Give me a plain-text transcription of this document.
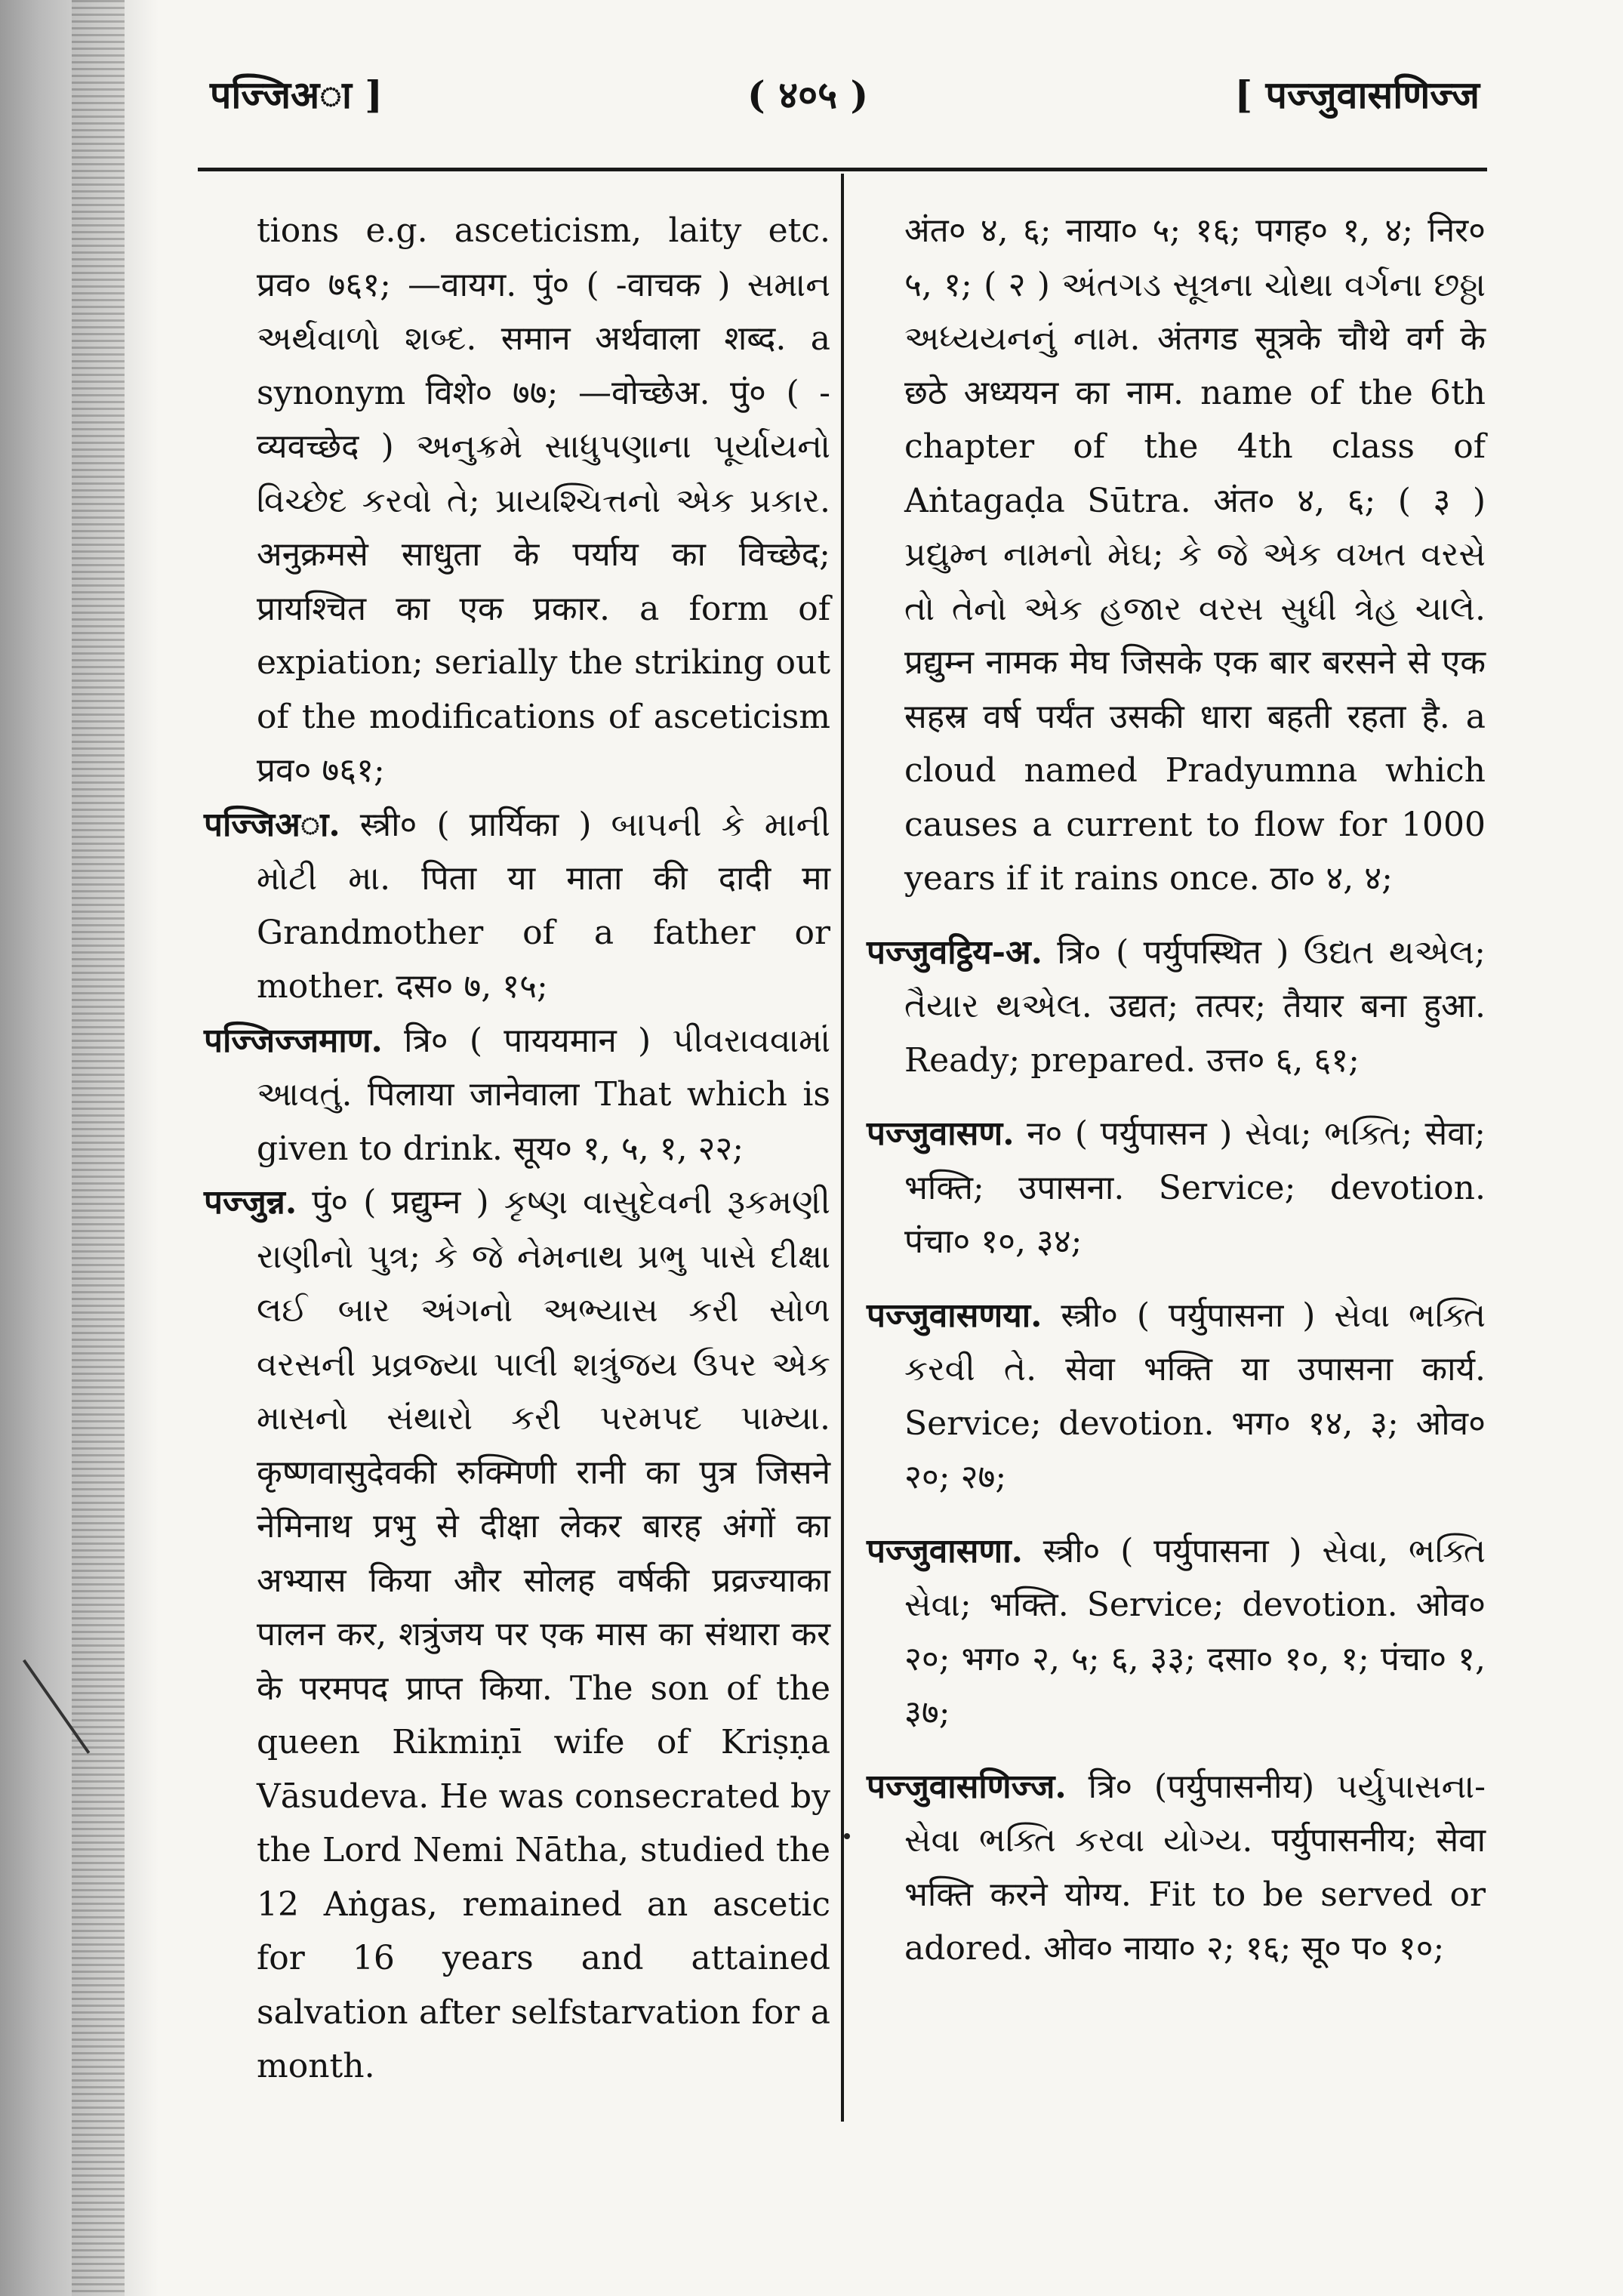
पज्जिअा ]	( ४०५ )	[ पज्जुवासणिज्ज

tions e.g. asceticism, laity etc. प्रव० ७६१; —वायग. पुं० ( -वाचक ) સમાન અર્થવાળો શબ્દ. समान अर्थवाला शब्द. a synonym विशे० ७७; —वोच्छेअ. पुं० ( -व्यवच्छेद ) અનુક્રમે સાધુપણાના પૂર્યાયનો વિચ્છેદ કરવો તે; પ્રાયશ્ચિત્તનો એક પ્રકાર. अनुक्रमसे साधुता के पर्याय का विच्छेद; प्रायश्चित का एक प्रकार. a form of expiation; serially the striking out of the modifications of asceticism प्रव० ७६१;

पज्जिअा. स्त्री० ( प्रार्यिका ) બાપની કે માની મોટી મા. पिता या माता की दादी मा Grandmother of a father or mother. दस० ७, १५;

पज्जिज्जमाण. त्रि० ( पाययमान ) પીવરાવવામાં આવતું. पिलाया जानेवाला That which is given to drink. सूय० १, ५, १, २२;

पज्जुन्न. पुं० ( प्रद्युम्न ) કૃષ્ણ વાસુદેવની રૂકમણી રાણીનો પુત્ર; કે જે નેમનાથ પ્રભુ પાસે દીક્ષા લઈ બાર અંગનો અભ્યાસ કરી સોળ વરસની પ્રવ્રજ્યા પાલી શત્રુંજય ઉપર એક માસનો સંથારો કરી પરમપદ પામ્યા. कृष्णवासुदेवकी रुक्मिणी रानी का पुत्र जिसने नेमिनाथ प्रभु से दीक्षा लेकर बारह अंगों का अभ्यास किया और सोलह वर्षकी प्रव्रज्याका पालन कर, शत्रुंजय पर एक मास का संथारा कर के परमपद प्राप्त किया. The son of the queen Rikmiṇī wife of Kriṣṇa Vāsudeva. He was consecrated by the Lord Nemi Nātha, studied the 12 Aṅgas, remained an ascetic for 16 years and attained salvation after selfstarvation for a month.

अंत० ४, ६; नाया० ५; १६; पगह० १, ४; निर० ५, १; ( २ ) અંતગડ સૂત્રના ચોથા વર્ગના છઠ્ઠા અધ્યયનનું નામ. अंतगड सूत्रके चौथे वर्ग के छठे अध्ययन का नाम. name of the 6th chapter of the 4th class of Aṅtagaḍa Sūtra. अंत० ४, ६; ( ३ ) પ્રદ્યુમ્ન નામનો મેઘ; કે જે એક વખત વરસે તો તેનો એક હજાર વરસ સુધી ત્રેહ ચાલે. प्रद्युम्न नामक मेघ जिसके एक बार बरसने से एक सहस्र वर्ष पर्यंत उसकी धारा बहती रहता है. a cloud named Pradyumna which causes a current to flow for 1000 years if it rains once. ठा० ४, ४;

पज्जुवट्ठिय-अ. त्रि० ( पर्युपस्थित ) ઉદ્યત થએલ; તૈયાર થએલ. उद्यत; तत्पर; तैयार बना हुआ. Ready; prepared. उत्त० ६, ६१;

पज्जुवासण. न० ( पर्युपासन ) સેવા; ભક્તિ; सेवा; भक्ति; उपासना. Service; devotion. पंचा० १०, ३४;

पज्जुवासणया. स्त्री० ( पर्युपासना ) સેવા ભક્તિ કરવી તે. सेवा भक्ति या उपासना कार्य. Service; devotion. भग० १४, ३; ओव० २०; २७;

पज्जुवासणा. स्त्री० ( पर्युपासना ) સેવા, ભક્તિ સેવા; भक्ति. Service; devotion. ओव० २०; भग० २, ५; ६, ३३; दसा० १०, १; पंचा० १, ३७;

पज्जुवासणिज्ज. त्रि० (पर्युपासनीय) પર્યુપાસના-સેવા ભક્તિ કરવા યોગ્ય. पर्युपासनीय; सेवा भक्ति करने योग्य. Fit to be served or adored. ओव० नाया० २; १६; सू० प० १०;
